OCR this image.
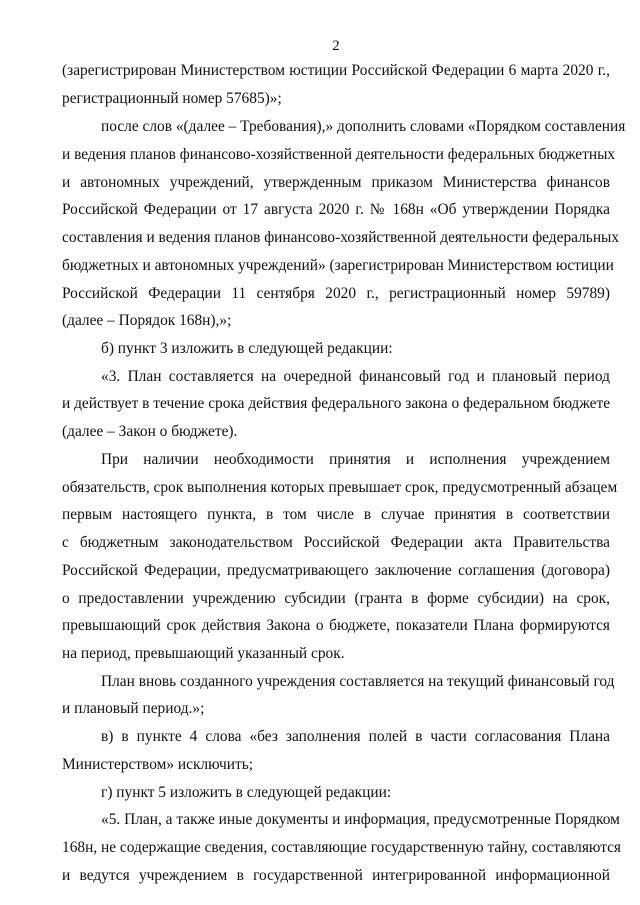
2
(зарегистрирован Министерством юстиции Российской Федерации 6 марта 2020 г.,
регистрационный номер 57685)»;
после слов «(далее – Требования),» дополнить словами «Порядком составления
и ведения планов финансово-хозяйственной деятельности федеральных бюджетных
и автономных учреждений, утвержденным приказом Министерства финансов
Российской Федерации от 17 августа 2020 г. № 168н «Об утверждении Порядка
составления и ведения планов финансово-хозяйственной деятельности федеральных
бюджетных и автономных учреждений» (зарегистрирован Министерством юстиции
Российской Федерации 11 сентября 2020 г., регистрационный номер 59789)
(далее – Порядок 168н),»;
б) пункт 3 изложить в следующей редакции:
«3. План составляется на очередной финансовый год и плановый период
и действует в течение срока действия федерального закона о федеральном бюджете
(далее – Закон о бюджете).
При наличии необходимости принятия и исполнения учреждением
обязательств, срок выполнения которых превышает срок, предусмотренный абзацем
первым настоящего пункта, в том числе в случае принятия в соответствии
с бюджетным законодательством Российской Федерации акта Правительства
Российской Федерации, предусматривающего заключение соглашения (договора)
о предоставлении учреждению субсидии (гранта в форме субсидии) на срок,
превышающий срок действия Закона о бюджете, показатели Плана формируются
на период, превышающий указанный срок.
План вновь созданного учреждения составляется на текущий финансовый год
и плановый период.»;
в) в пункте 4 слова «без заполнения полей в части согласования Плана
Министерством» исключить;
г) пункт 5 изложить в следующей редакции:
«5. План, а также иные документы и информация, предусмотренные Порядком
168н, не содержащие сведения, составляющие государственную тайну, составляются
и ведутся учреждением в государственной интегрированной информационной
